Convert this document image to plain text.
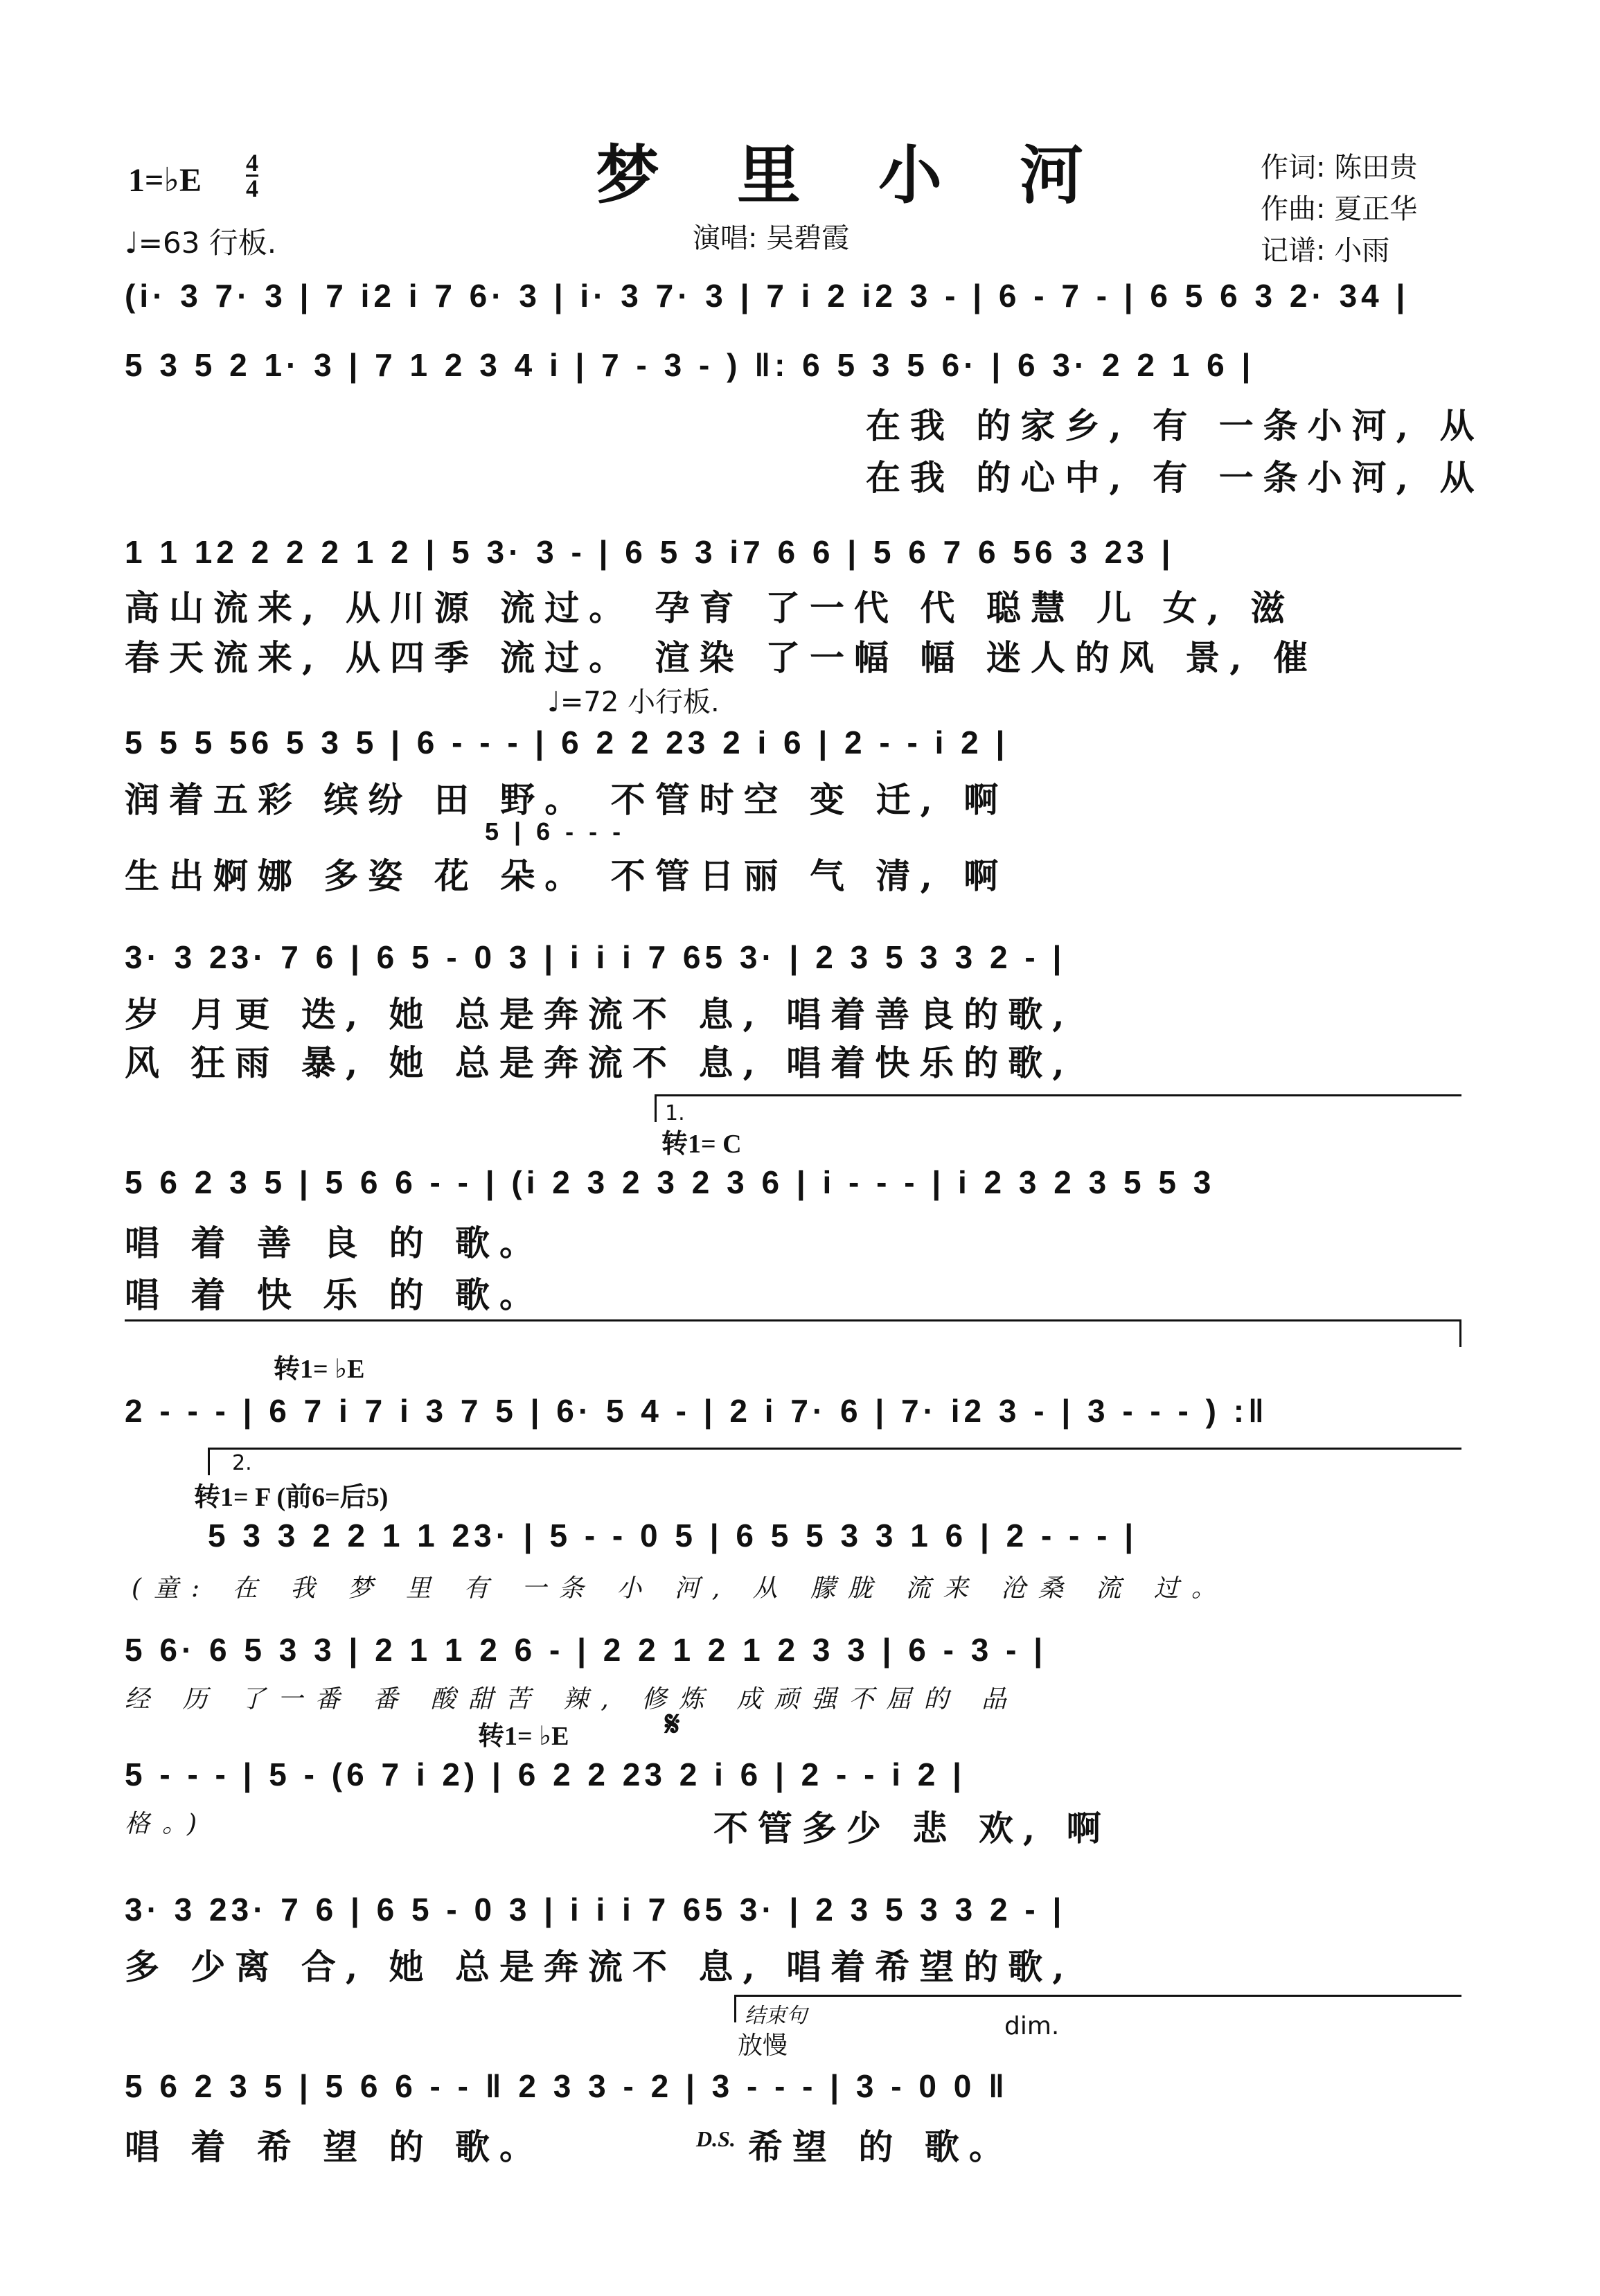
1=♭E 4
4
♩=63 行板.
梦 里 小 河
演唱: 吴碧霞
作词: 陈田贵
作曲: 夏正华
记谱: 小雨
(i· 3 7· 3 | 7 i2 i 7 6· 3 | i· 3 7· 3 | 7 i 2 i2 3 - | 6 - 7 - | 6 5 6 3 2· 34 |
5 3 5 2 1· 3 | 7 1 2 3 4 i | 7 - 3 - ) ‖: 6 5 3 5 6· | 6 3· 2 2 1 6 |
在我 的家乡, 有 一条小河, 从
在我 的心中, 有 一条小河, 从
1 1 12 2 2 2 1 2 | 5 3· 3 - | 6 5 3 i7 6 6 | 5 6 7 6 56 3 23 |
高山流来, 从川源 流过。 孕育 了一代 代 聪慧 儿 女, 滋
春天流来, 从四季 流过。 渲染 了一幅 幅 迷人的风 景, 催
♩=72 小行板.
5 5 5 56 5 3 5 | 6 - - - | 6 2 2 23 2 i 6 | 2 - - i 2 |
润着五彩 缤纷 田 野。 不管时空 变 迁, 啊
5 | 6 - - -
生出婀娜 多姿 花 朵。 不管日丽 气 清, 啊
3· 3 23· 7 6 | 6 5 - 0 3 | i i i 7 65 3· | 2 3 5 3 3 2 - |
岁 月更 迭, 她 总是奔流不 息, 唱着善良的歌,
风 狂雨 暴, 她 总是奔流不 息, 唱着快乐的歌,
1.
转1= C
5 6 2 3 5 | 5 6 6 - - | (i 2 3 2 3 2 3 6 | i - - - | i 2 3 2 3 5 5 3
唱 着 善 良 的 歌。
唱 着 快 乐 的 歌。
转1= ♭E
2 - - - | 6 7 i 7 i 3 7 5 | 6· 5 4 - | 2 i 7· 6 | 7· i2 3 - | 3 - - - ) :‖
2.
转1= F (前6=后5)
5 3 3 2 2 1 1 23· | 5 - - 0 5 | 6 5 5 3 3 1 6 | 2 - - - |
(童: 在 我 梦 里 有 一条 小 河, 从 朦胧 流来 沧桑 流 过。
5 6· 6 5 3 3 | 2 1 1 2 6 - | 2 2 1 2 1 2 3 3 | 6 - 3 - |
经 历 了一番 番 酸甜苦 辣, 修炼 成顽强不屈的 品
转1= ♭E	𝄋
5 - - - | 5 - (6 7 i 2) | 6 2 2 23 2 i 6 | 2 - - i 2 |
格。)	不管多少 悲 欢, 啊
3· 3 23· 7 6 | 6 5 - 0 3 | i i i 7 65 3· | 2 3 5 3 3 2 - |
多 少离 合, 她 总是奔流不 息, 唱着希望的歌,
结束句
放慢
dim.
5 6 2 3 5 | 5 6 6 - - ‖ 2 3 3 - 2 | 3 - - - | 3 - 0 0 ‖
唱 着 希 望 的 歌。	D.S. 希望 的 歌。
